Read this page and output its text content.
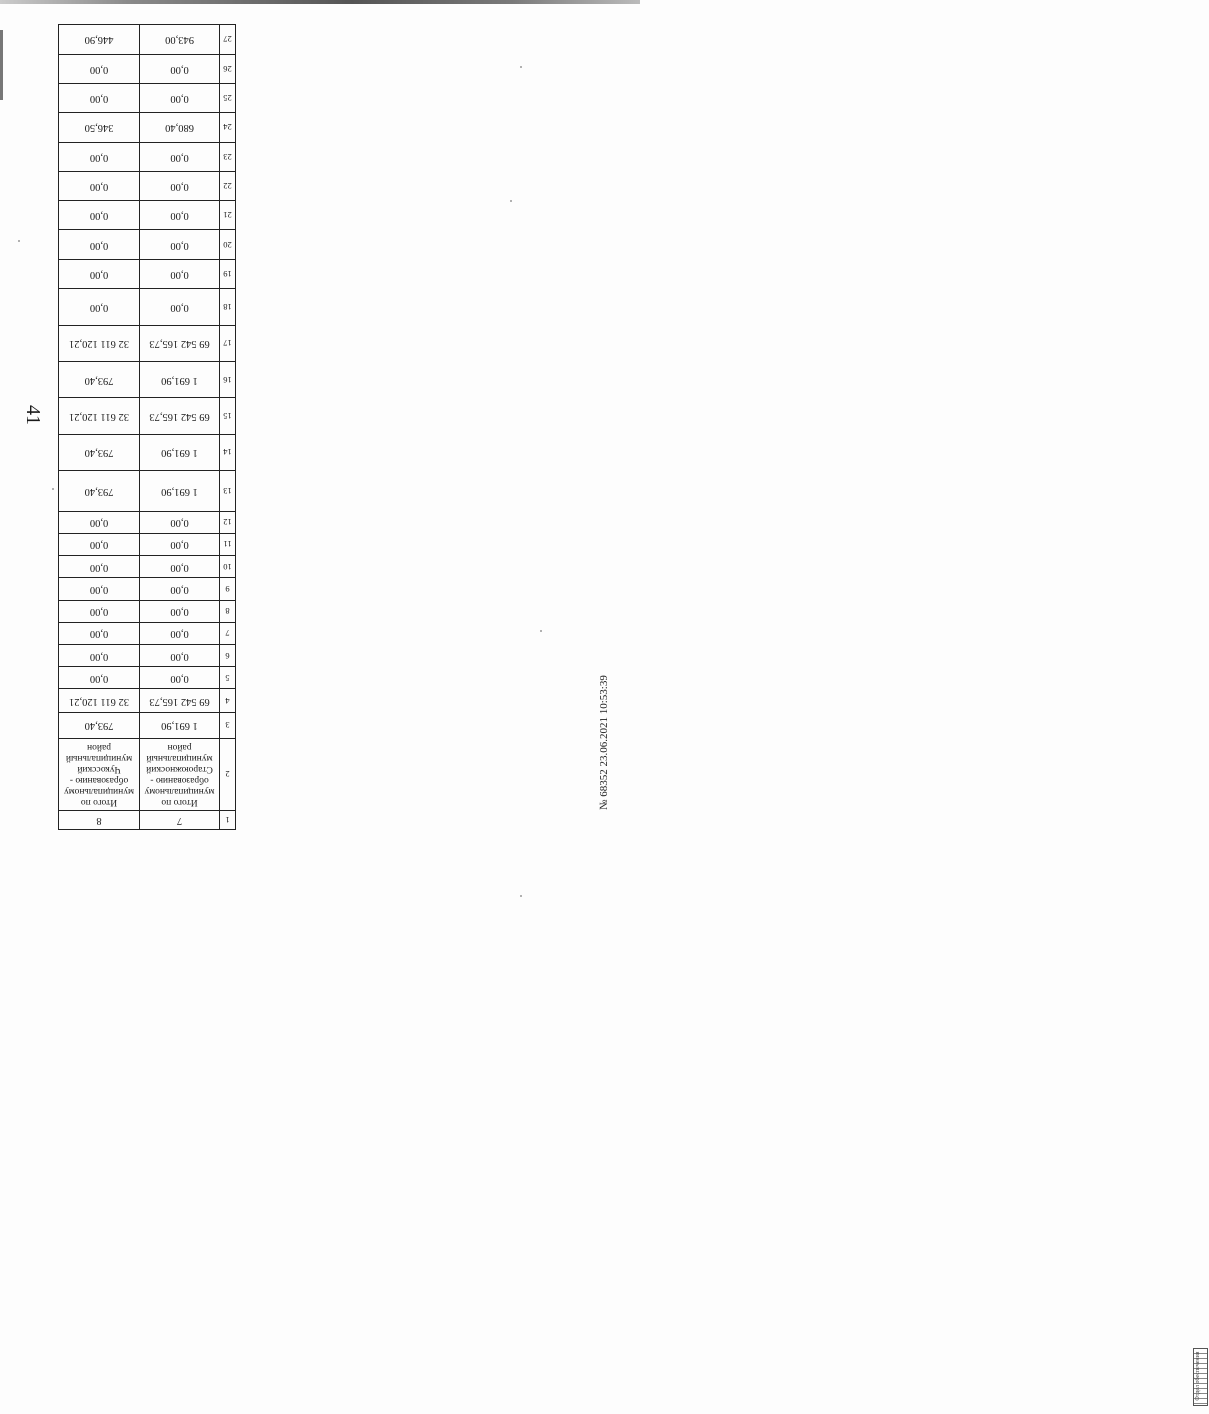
41
1	7	8
2	Итого по муниципальному образованию - Староюжноский муниципальный район	Итого по муниципальному образованию - Чукосский муниципальный район
3	1 691,90	793,40
4	69 542 165,73	32 611 120,21
5	0,00	0,00
6	0,00	0,00
7	0,00	0,00
8	0,00	0,00
9	0,00	0,00
10	0,00	0,00
11	0,00	0,00
12	0,00	0,00
13	1 691,90	793,40
14	1 691,90	793,40
15	69 542 165,73	32 611 120,21
16	1 691,90	793,40
17	69 542 165,73	32 611 120,21
18	0,00	0,00
19	0,00	0,00
20	0,00	0,00
21	0,00	0,00
22	0,00	0,00
23	0,00	0,00
24	680,40	346,50
25	0,00	0,00
26	0,00	0,00
27	943,00	446,90
Отдел обеспечения
№ 68352 23.06.2021 10:53:39
